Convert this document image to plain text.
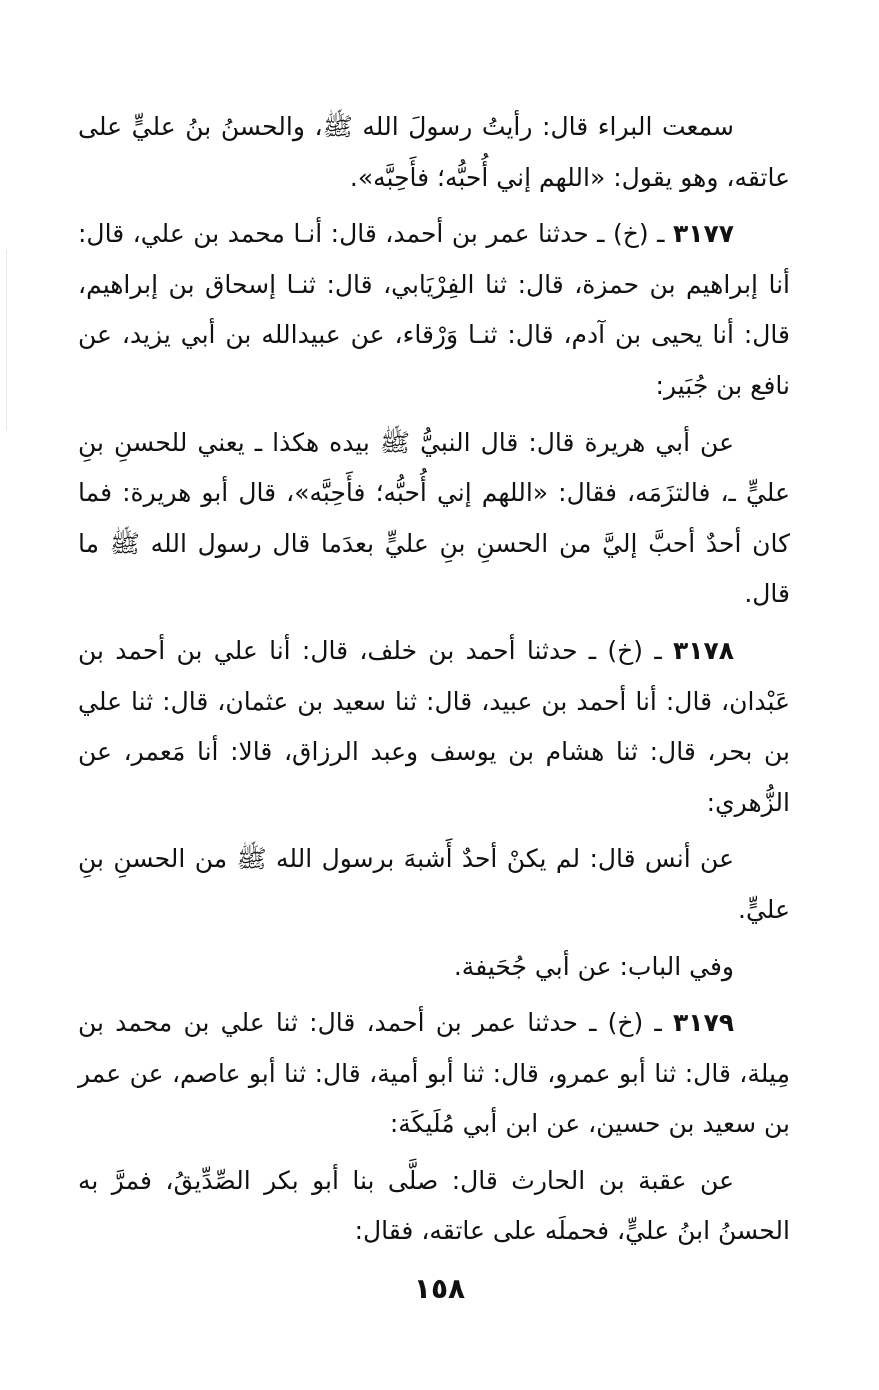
سمعت البراء قال: رأيتُ رسولَ الله ﷺ، والحسنُ بنُ عليٍّ على عاتقه، وهو يقول: «اللهم إني أُحبُّه؛ فأَحِبَّه».

٣١٧٧ ـ (خ) ـ حدثنا عمر بن أحمد، قال: أنـا محمد بن علي، قال: أنا إبراهيم بن حمزة، قال: ثنا الفِرْيَابي، قال: ثنـا إسحاق بن إبراهيم، قال: أنا يحيى بن آدم، قال: ثنـا وَرْقاء، عن عبيدالله بن أبي يزيد، عن نافع بن جُبَير:

عن أبي هريرة قال: قال النبيُّ ﷺ بيده هكذا ـ يعني للحسنِ بنِ عليٍّ ـ، فالتزَمَه، فقال: «اللهم إني أُحبُّه؛ فأَحِبَّه»، قال أبو هريرة: فما كان أحدٌ أحبَّ إليَّ من الحسنِ بنِ عليٍّ بعدَما قال رسول الله ﷺ ما قال.

٣١٧٨ ـ (خ) ـ حدثنا أحمد بن خلف، قال: أنا علي بن أحمد بن عَبْدان، قال: أنا أحمد بن عبيد، قال: ثنا سعيد بن عثمان، قال: ثنا علي بن بحر، قال: ثنا هشام بن يوسف وعبد الرزاق، قالا: أنا مَعمر، عن الزُّهري:

عن أنس قال: لم يكنْ أحدٌ أَشبهَ برسول الله ﷺ من الحسنِ بنِ عليٍّ.

وفي الباب: عن أبي جُحَيفة.

٣١٧٩ ـ (خ) ـ حدثنا عمر بن أحمد، قال: ثنا علي بن محمد بن مِيلة، قال: ثنا أبو عمرو، قال: ثنا أبو أمية، قال: ثنا أبو عاصم، عن عمر بن سعيد بن حسين، عن ابن أبي مُلَيكَة:

عن عقبة بن الحارث قال: صلَّى بنا أبو بكر الصِّدِّيقُ، فمرَّ به الحسنُ ابنُ عليٍّ، فحملَه على عاتقه، فقال:

١٥٨
